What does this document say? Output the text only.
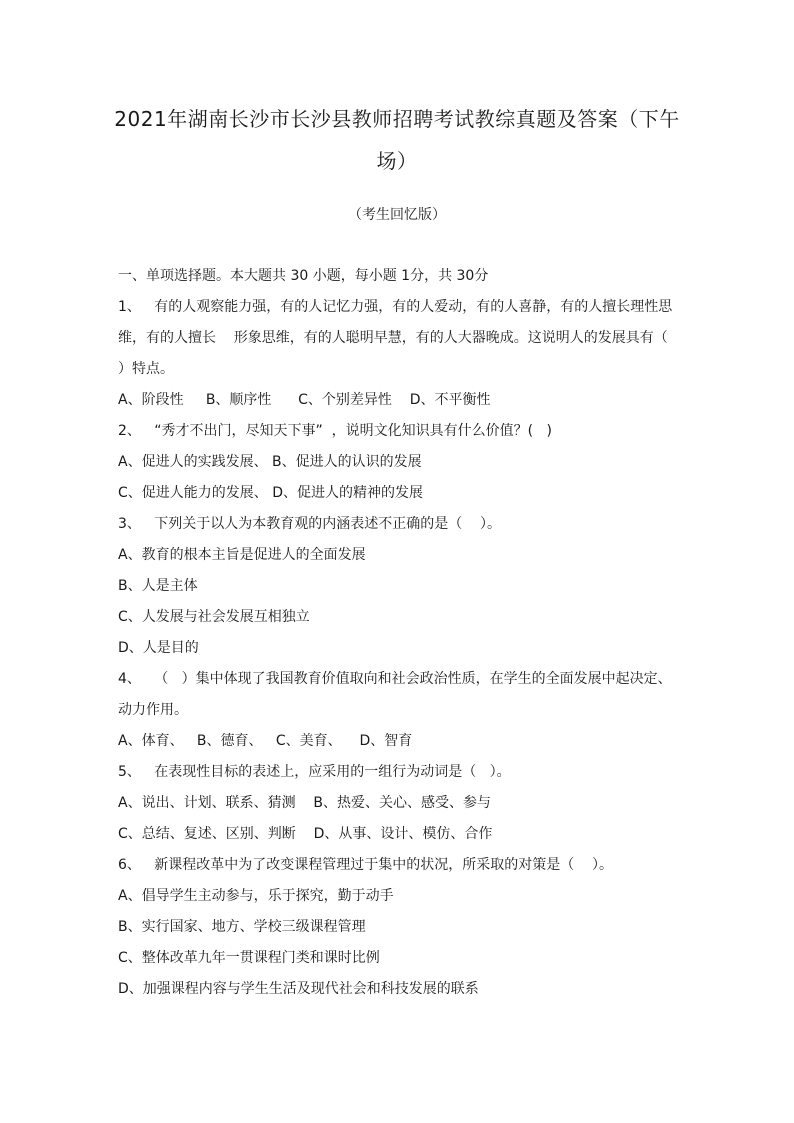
2021年湖南长沙市长沙县教师招聘考试教综真题及答案（下午场）
（考生回忆版）
一、单项选择题。本大题共 30 小题，每小题 1分，共 30分
1、   有的人观察能力强，有的人记忆力强，有的人爱动，有的人喜静，有的人擅长理性思
维，有的人擅长    形象思维，有的人聪明早慧，有的人大器晚成。这说明人的发展具有（
）特点。
A、阶段性     B、顺序性      C、个别差异性    D、不平衡性
2、   “秀才不出门，尽知天下事”  ，说明文化知识具有什么价值？(   )
A、促进人的实践发展、 B、促进人的认识的发展
C、促进人能力的发展、 D、促进人的精神的发展
3、   下列关于以人为本教育观的内涵表述不正确的是（    ）。
A、教育的根本主旨是促进人的全面发展
B、人是主体
C、人发展与社会发展互相独立
D、人是目的
4、   （   ）集中体现了我国教育价值取向和社会政治性质，在学生的全面发展中起决定、
动力作用。
A、体育、   B、德育、   C、美育、    D、智育
5、   在表现性目标的表述上，应采用的一组行为动词是（   ）。
A、说出、计划、联系、猜测    B、热爱、关心、感受、参与
C、总结、复述、区别、判断    D、从事、设计、模仿、合作
6、   新课程改革中为了改变课程管理过于集中的状况，所采取的对策是（    ）。
A、倡导学生主动参与，乐于探究，勤于动手
B、实行国家、地方、学校三级课程管理
C、整体改革九年一贯课程门类和课时比例
D、加强课程内容与学生生活及现代社会和科技发展的联系
